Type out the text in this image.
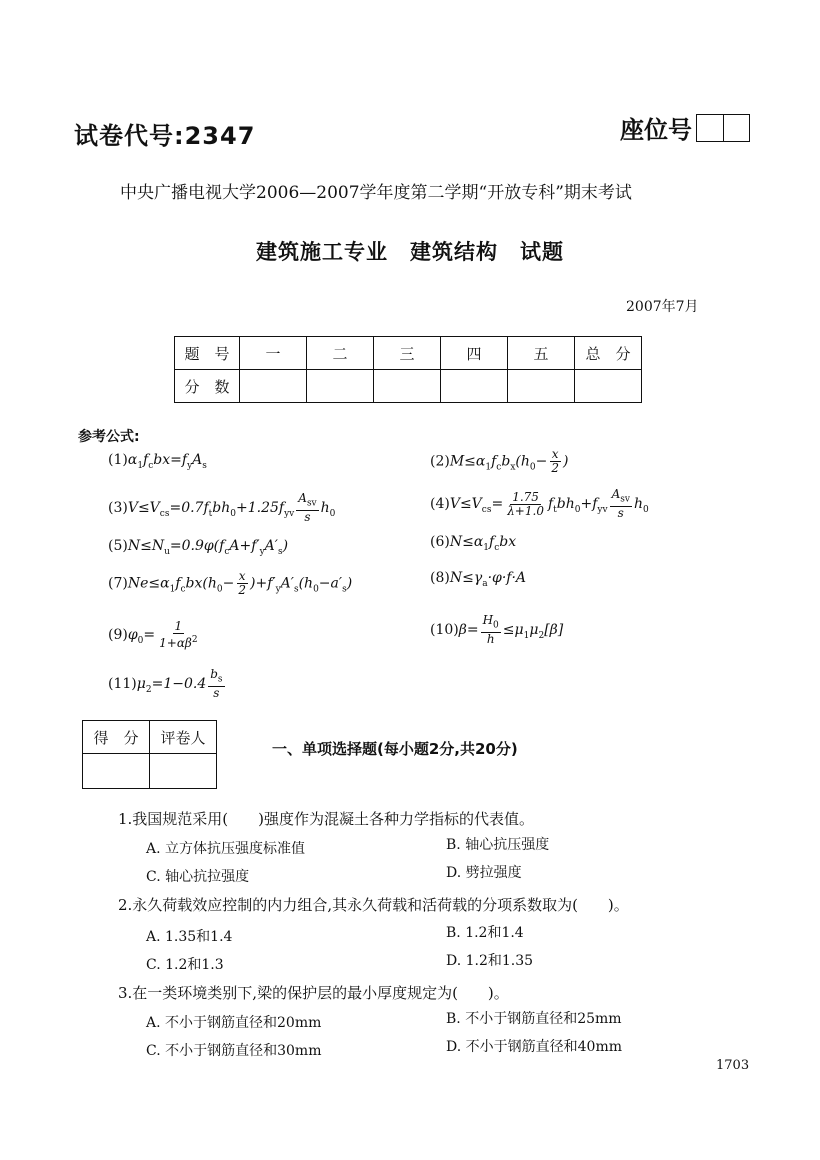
试卷代号:2347	座位号
中央广播电视大学2006—2007学年度第二学期“开放专科”期末考试
建筑施工专业　建筑结构　试题
2007年7月
题　号	一	二	三	四	五	总　分
分　数						
参考公式:
$(1)\alpha_1f_cbx=f_yA_s$	$(2)M\le\alpha_1f_cb_x(h_0- \frac{x}{2}$ )
$(3)V\le V_{cs}=0.7f_tbh_0+1.25f_{yv} \frac{A_{sv}}{s} h_0$
$(4)V\le V_{cs}= \frac{1.75}{\lambda+1.0} f_tbh_0+f_{yv} \frac{A_{sv}}{s} h_0$
$(5)N\le N_u=0.9\varphi(f_cA+f'_yA'_s)$	$(6)N\le\alpha_1f_cbx$
$(7)Ne\le\alpha_1f_cbx(h_0- \frac{x}{2} )+f'_yA'_s(h_0-a'_s)$	$(8)N\le\gamma_a\cdot\varphi\cdot f\cdot A$
$(9)\varphi_0= \frac{1}{1+\alpha\beta^2}$	$(10)\beta= \frac{H_0}{h} \le\mu_1\mu_2[\beta]$
$(11)\mu_2=1-0.4 \frac{b_s}{s}$
得　分	评卷人

一、单项选择题(每小题2分,共20分)
1.我国规范采用(　　)强度作为混凝土各种力学指标的代表值。
A. 立方体抗压强度标准值	B. 轴心抗压强度
C. 轴心抗拉强度	D. 劈拉强度
2.永久荷载效应控制的内力组合,其永久荷载和活荷载的分项系数取为(　　)。
A. 1.35和1.4	B. 1.2和1.4
C. 1.2和1.3	D. 1.2和1.35
3.在一类环境类别下,梁的保护层的最小厚度规定为(　　)。
A. 不小于钢筋直径和20mm	B. 不小于钢筋直径和25mm
C. 不小于钢筋直径和30mm	D. 不小于钢筋直径和40mm
1703
